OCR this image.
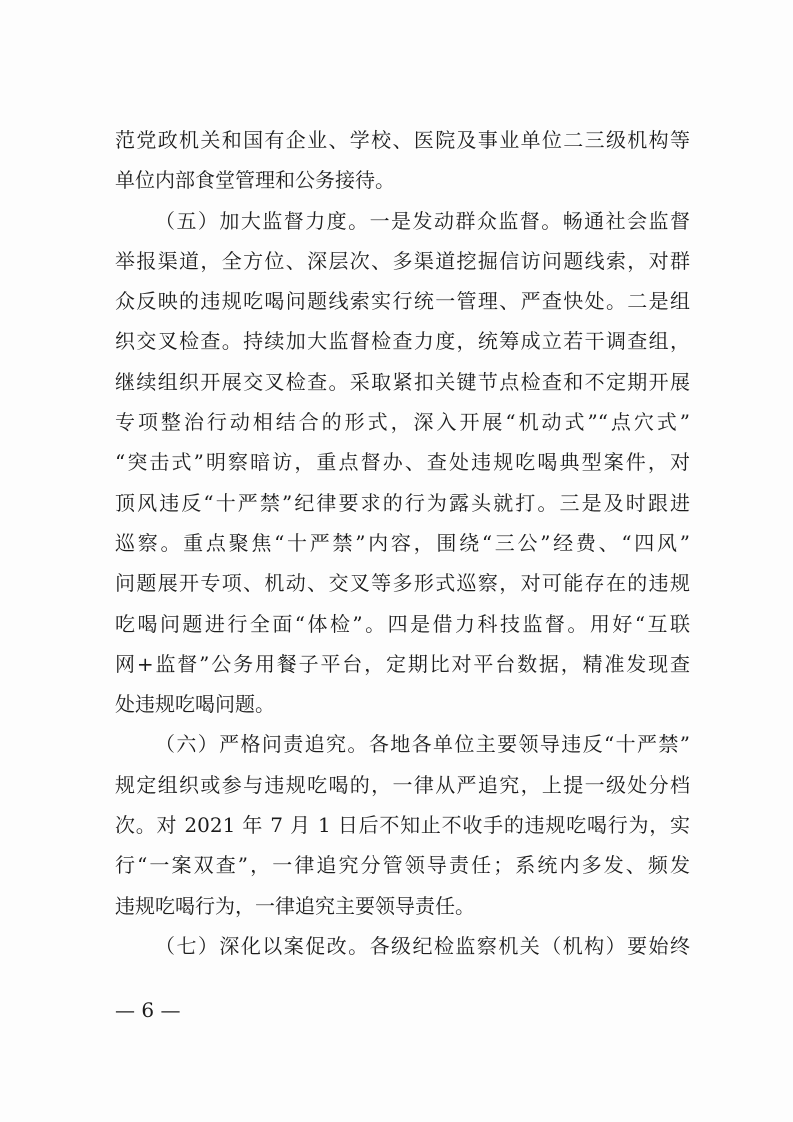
范党政机关和国有企业、学校、医院及事业单位二三级机构等
单位内部食堂管理和公务接待。
（五）加大监督力度。一是发动群众监督。畅通社会监督
举报渠道，全方位、深层次、多渠道挖掘信访问题线索，对群
众反映的违规吃喝问题线索实行统一管理、严查快处。二是组
织交叉检查。持续加大监督检查力度，统筹成立若干调查组，
继续组织开展交叉检查。采取紧扣关键节点检查和不定期开展
专项整治行动相结合的形式，深入开展“机动式”“点穴式”
“突击式”明察暗访，重点督办、查处违规吃喝典型案件，对
顶风违反“十严禁”纪律要求的行为露头就打。三是及时跟进
巡察。重点聚焦“十严禁”内容，围绕“三公”经费、“四风”
问题展开专项、机动、交叉等多形式巡察，对可能存在的违规
吃喝问题进行全面“体检”。四是借力科技监督。用好“互联
网+监督”公务用餐子平台，定期比对平台数据，精准发现查
处违规吃喝问题。
（六）严格问责追究。各地各单位主要领导违反“十严禁”
规定组织或参与违规吃喝的，一律从严追究，上提一级处分档
次。对 2021 年 7 月 1 日后不知止不收手的违规吃喝行为，实
行“一案双查”，一律追究分管领导责任；系统内多发、频发
违规吃喝行为，一律追究主要领导责任。
（七）深化以案促改。各级纪检监察机关（机构）要始终
— 6 —
